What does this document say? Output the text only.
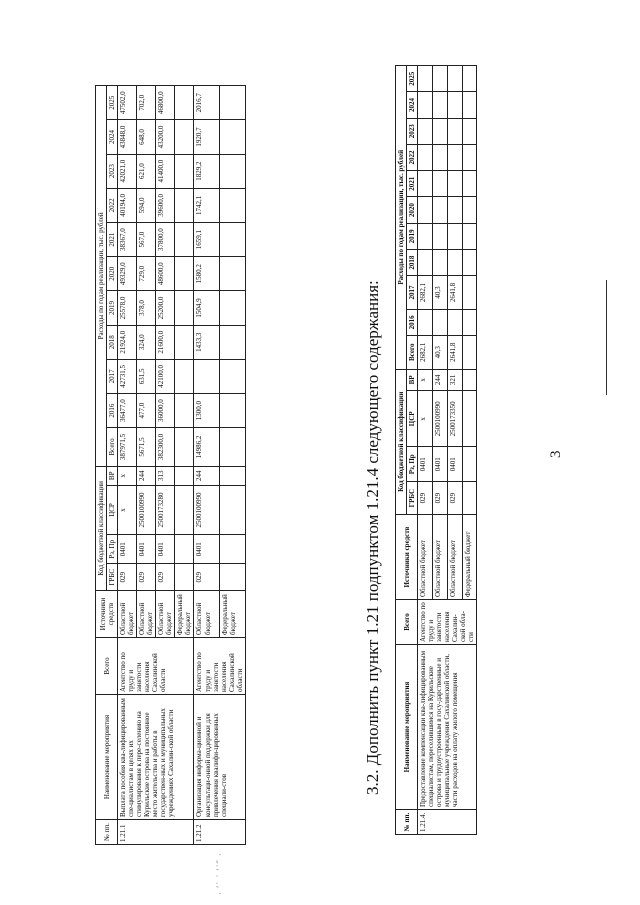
· ′˙ ˙ ′˙˝ ·
3
№ пп.	Наименование мероприятия	Всего	Источники средств	Код бюджетной классификации				Расходы по годам реализации, тыс. рублей										
				ГРБС	Рз, Пр	ЦСР	ВР	Всего	2016	2017	2018	2019	2020	2021	2022	2023	2024	2025
1.21.1	Выплата пособия ква-лифицированным спе-циалистам в целях их стимулирования к пере-селению на Курильские острова на постоянное место жительства и работы в государствен-ных и муниципальных учреждениях Сахалин-ской области	Агентство по труду и занятости населения Сахалинской области	Областной бюджет	029	0401	x	x	387971,5	36477,0	42731,5	21924,0	25578,0	49329,0	38367,0	40194,0	42021,0	43848,0	47502,0
			Областной бюджет	029	0401	2500100990	244	5671,5	477,0	631,5	324,0	378,0	729,0	567,0	594,0	621,0	648,0	702,0
			Областной бюджет	029	0401	2500173280	313	382300,0	36000,0	42100,0	21600,0	25200,0	48600,0	37800,0	39600,0	41400,0	43200,0	46800,0
			Федеральный бюджет															
1.21.2	Организация информа-ционной и консультаци-онной поддержки для привлечения квалифи-цированных специали-стов	Агентство по труду и занятости населения Сахалинской области	Областной бюджет	029	0401	2500100990	244	14986,2	1300,0		1433,3	1504,9	1580,2	1659,1	1742,1	1829,2	1920,7	2016,7
			Федеральный бюджет																3.2. Дополнить пункт 1.21 подпунктом 1.21.4 следующего содержания:
№ пп.	Наименование мероприятия	Всего	Источники средств	Код бюджетной классификации				Расходы по годам реализации, тыс. рублей										
				ГРБС	Рз, Пр	ЦСР	ВР	Всего	2016	2017	2018	2019	2020	2021	2022	2023	2024	2025
1.21.4.	Предоставление компенсации ква-лифицированным специалистам, переселившимся на Курильские острова и трудоустроенным в госу-дарственные и муниципальные учреждения Сахалинской области, части расходов на оплату жилого помещения	Агентство по труду и занятости населения Сахалин-ской обла-сти	Областной бюджет	029	0401	x	x	2682,1		2682,1								
			Областной бюджет	029	0401	2500100990	244	40,3		40,3								
			Областной бюджет	029	0401	2500173350	321	2641,8		2641,8								
			Федеральный бюджет															
